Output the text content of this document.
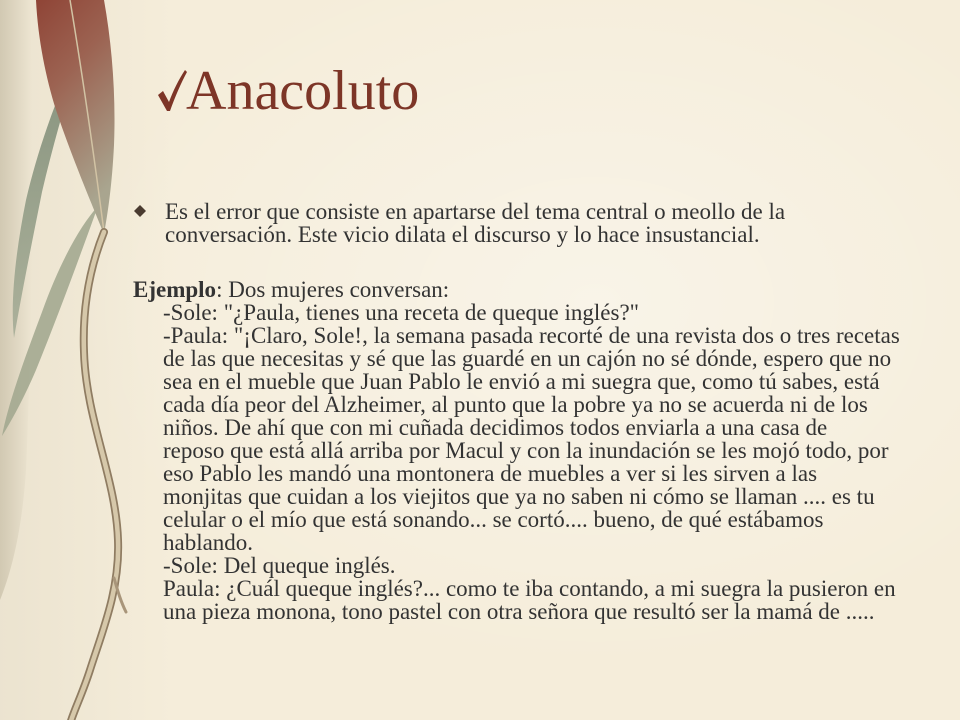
Anacoluto
Es el error que consiste en apartarse del tema central o meollo de la
conversación. Este vicio dilata el discurso y lo hace insustancial.
Ejemplo: Dos mujeres conversan:
-Sole: "¿Paula, tienes una receta de queque inglés?"
-Paula: "¡Claro, Sole!, la semana pasada recorté de una revista dos o tres recetas
de las que necesitas y sé que las guardé en un cajón no sé dónde, espero que no
sea en el mueble que Juan Pablo le envió a mi suegra que, como tú sabes, está
cada día peor del Alzheimer, al punto que la pobre ya no se acuerda ni de los
niños. De ahí que con mi cuñada decidimos todos enviarla a una casa de
reposo que está allá arriba por Macul y con la inundación se les mojó todo, por
eso Pablo les mandó una montonera de muebles a ver si les sirven a las
monjitas que cuidan a los viejitos que ya no saben ni cómo se llaman .... es tu
celular o el mío que está sonando... se cortó.... bueno, de qué estábamos
hablando.
-Sole: Del queque inglés.
Paula: ¿Cuál queque inglés?... como te iba contando, a mi suegra la pusieron en
una pieza monona, tono pastel con otra señora que resultó ser la mamá de .....
